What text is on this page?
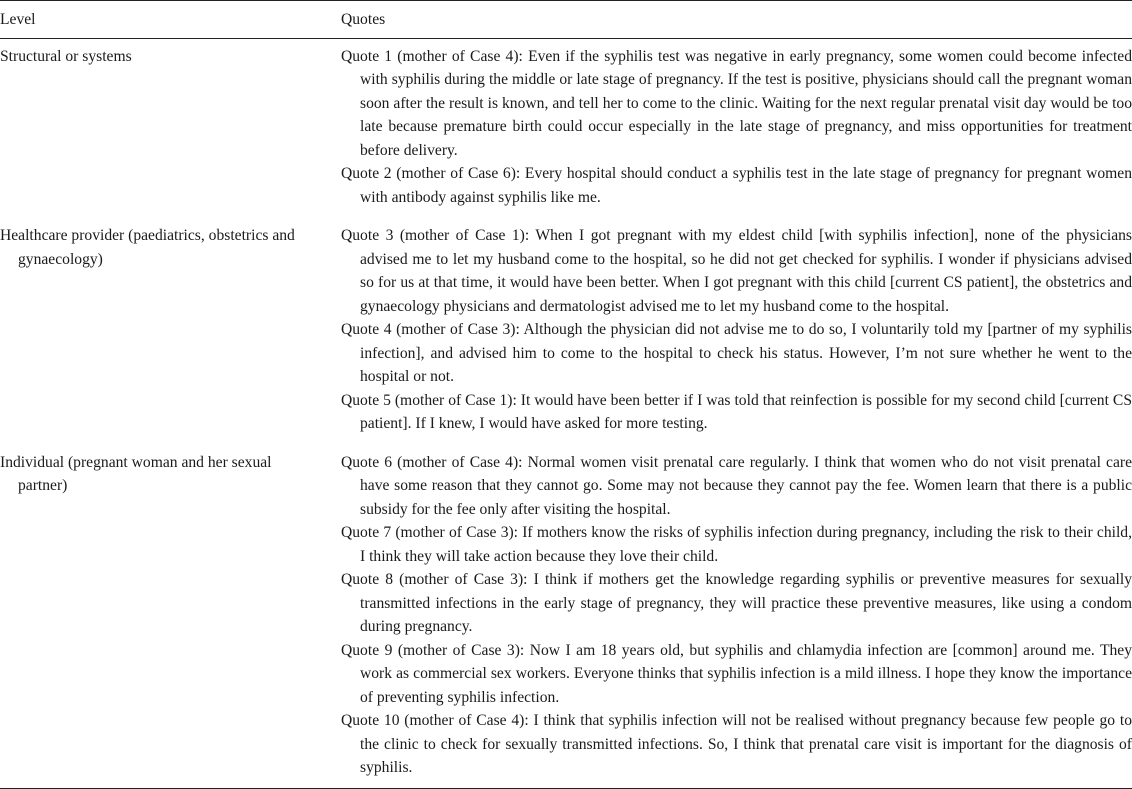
Level	Quotes

Structural or systems	Quote 1 (mother of Case 4): Even if the syphilis test was negative in early pregnancy, some women could become infected with syphilis during the middle or late stage of pregnancy. If the test is positive, physicians should call the pregnant woman soon after the result is known, and tell her to come to the clinic. Waiting for the next regular prenatal visit day would be too late because premature birth could occur especially in the late stage of pregnancy, and miss opportunities for treatment before delivery.

Quote 2 (mother of Case 6): Every hospital should conduct a syphilis test in the late stage of pregnancy for pregnant women with antibody against syphilis like me.

Healthcare provider (paediatrics, obstetrics and gynaecology)	Quote 3 (mother of Case 1): When I got pregnant with my eldest child [with syphilis infection], none of the physicians advised me to let my husband come to the hospital, so he did not get checked for syphilis. I wonder if physicians advised so for us at that time, it would have been better. When I got pregnant with this child [current CS patient], the obstetrics and gynaecology physicians and dermatologist advised me to let my husband come to the hospital.

Quote 4 (mother of Case 3): Although the physician did not advise me to do so, I voluntarily told my [partner of my syphilis infection], and advised him to come to the hospital to check his status. However, I’m not sure whether he went to the hospital or not.

Quote 5 (mother of Case 1): It would have been better if I was told that reinfection is possible for my second child [current CS patient]. If I knew, I would have asked for more testing.

Individual (pregnant woman and her sexual partner)	Quote 6 (mother of Case 4): Normal women visit prenatal care regularly. I think that women who do not visit prenatal care have some reason that they cannot go. Some may not because they cannot pay the fee. Women learn that there is a public subsidy for the fee only after visiting the hospital.

Quote 7 (mother of Case 3): If mothers know the risks of syphilis infection during pregnancy, including the risk to their child, I think they will take action because they love their child.

Quote 8 (mother of Case 3): I think if mothers get the knowledge regarding syphilis or preventive measures for sexually transmitted infections in the early stage of pregnancy, they will practice these preventive measures, like using a condom during pregnancy.

Quote 9 (mother of Case 3): Now I am 18 years old, but syphilis and chlamydia infection are [common] around me. They work as commercial sex workers. Everyone thinks that syphilis infection is a mild illness. I hope they know the importance of preventing syphilis infection.

Quote 10 (mother of Case 4): I think that syphilis infection will not be realised without pregnancy because few people go to the clinic to check for sexually transmitted infections. So, I think that prenatal care visit is important for the diagnosis of syphilis.
